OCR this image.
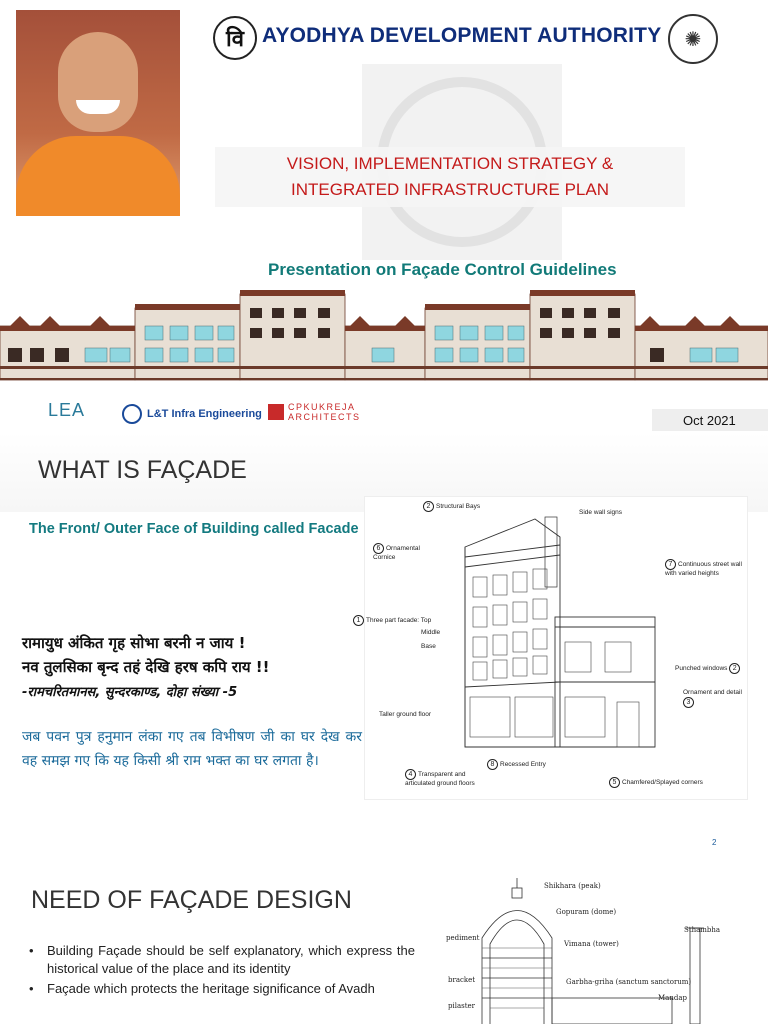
वि AYODHYA DEVELOPMENT AUTHORITY	✺
VISION, IMPLEMENTATION STRATEGY &
INTEGRATED INFRASTRUCTURE PLAN
Presentation on Façade Control Guidelines
LEA	L&T Infra Engineering
CPKUKREJA
ARCHITECTS	Oct 2021
WHAT IS FAÇADE
The Front/ Outer Face of Building called Facade
रामायुध अंकित गृह सोभा बरनी न जाय !
नव तुलसिका बृन्द तहं देखि हरष कपि राय !!
-रामचरितमानस, सुन्दरकाण्ड, दोहा संख्या -5
जब पवन पुत्र हनुमान लंका गए तब विभीषण जी का घर देख कर वह समझ गए कि यह किसी श्री राम भक्त का घर लगता है।
2 Structural Bays
Side wall signs
6 Ornamental Cornice
7 Continuous street wall with varied heights
1 Three part facade: Top
Middle
Base
Punched windows 2
Ornament and detail 3
Taller ground floor
4 Transparent and articulated ground floors
8 Recessed Entry
5 Chamfered/Splayed corners
2
NEED OF FAÇADE DESIGN
• Building Façade should be self explanatory, which express the historical value of the place and its identity
• Façade which protects the heritage significance of Avadh
Shikhara (peak)
Gopuram (dome)
pediment
Vimana (tower)
Sthambha
bracket	Garbha-griha (sanctum sanctorum)
pilaster
Mandap
